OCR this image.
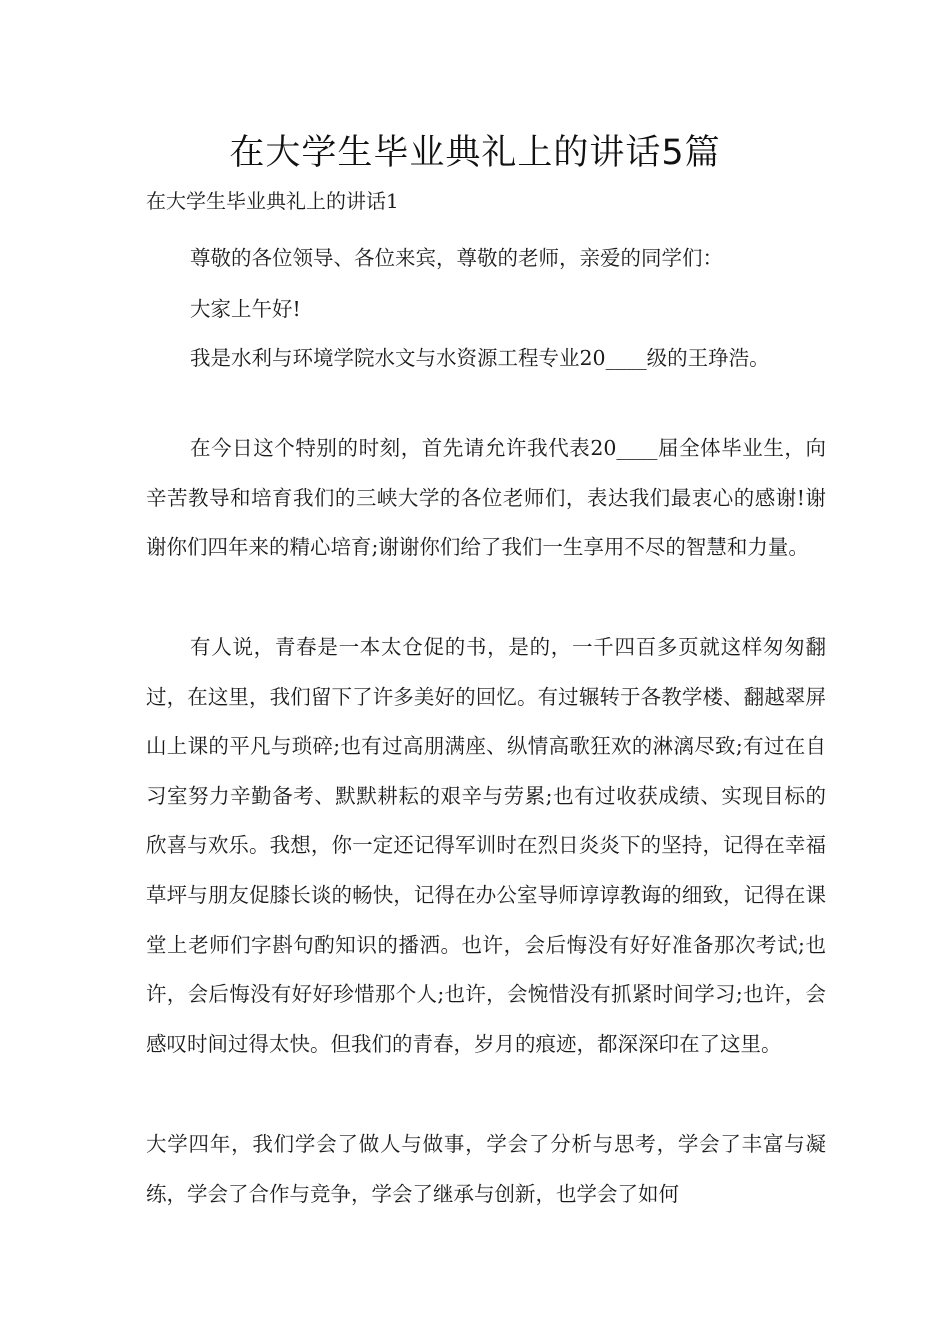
在大学生毕业典礼上的讲话5篇
在大学生毕业典礼上的讲话1
尊敬的各位领导、各位来宾，尊敬的老师，亲爱的同学们：
大家上午好!
我是水利与环境学院水文与水资源工程专业20____级的王琤浩。
在今日这个特别的时刻，首先请允许我代表20____届全体毕业生，向辛苦教导和培育我们的三峡大学的各位老师们，表达我们最衷心的感谢!谢谢你们四年来的精心培育;谢谢你们给了我们一生享用不尽的智慧和力量。
有人说，青春是一本太仓促的书，是的，一千四百多页就这样匆匆翻过，在这里，我们留下了许多美好的回忆。有过辗转于各教学楼、翻越翠屏山上课的平凡与琐碎;也有过高朋满座、纵情高歌狂欢的淋漓尽致;有过在自习室努力辛勤备考、默默耕耘的艰辛与劳累;也有过收获成绩、实现目标的欣喜与欢乐。我想，你一定还记得军训时在烈日炎炎下的坚持，记得在幸福草坪与朋友促膝长谈的畅快，记得在办公室导师谆谆教诲的细致，记得在课堂上老师们字斟句酌知识的播洒。也许，会后悔没有好好准备那次考试;也许，会后悔没有好好珍惜那个人;也许，会惋惜没有抓紧时间学习;也许，会感叹时间过得太快。但我们的青春，岁月的痕迹，都深深印在了这里。
大学四年，我们学会了做人与做事，学会了分析与思考，学会了丰富与凝练，学会了合作与竞争，学会了继承与创新，也学会了如何
